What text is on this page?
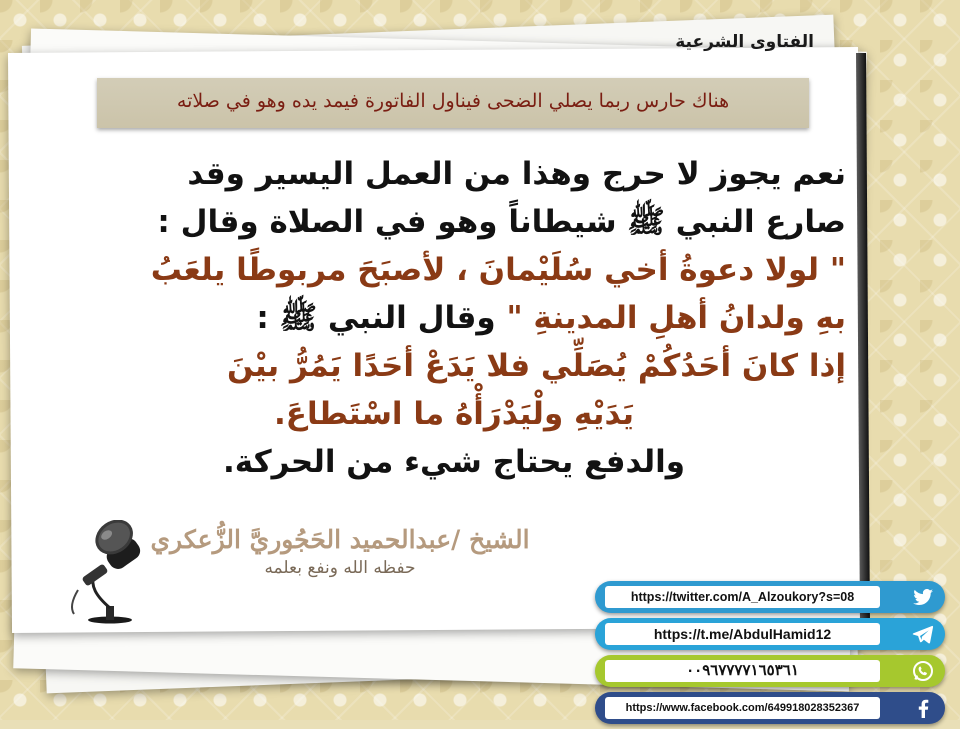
الفتاوى الشرعية
هناك حارس ربما يصلي الضحى فيناول الفاتورة فيمد يده وهو في صلاته
نعم يجوز لا حرج وهذا من العمل اليسير وقد
صارع النبي ﷺ شيطاناً وهو في الصلاة وقال :
" لولا دعوةُ أخي سُلَيْمانَ ، لأصبَحَ مربوطًا يلعَبُ
بهِ ولدانُ أهلِ المدينةِ " وقال النبي ﷺ :
إذا كانَ أحَدُكُمْ يُصَلِّي فلا يَدَعْ أحَدًا يَمُرُّ بيْنَ
يَدَيْهِ ولْيَدْرَأْهُ ما اسْتَطاعَ.
والدفع يحتاج شيء من الحركة.
الشيخ /عبدالحميد الحَجُوريَّ الزُّعكري
حفظه الله ونفع بعلمه
https://twitter.com/A_Alzoukory?s=08
https://t.me/AbdulHamid12
٠٠٩٦٧٧٧٧١٦٥٣٦١
https://www.facebook.com/649918028352367
